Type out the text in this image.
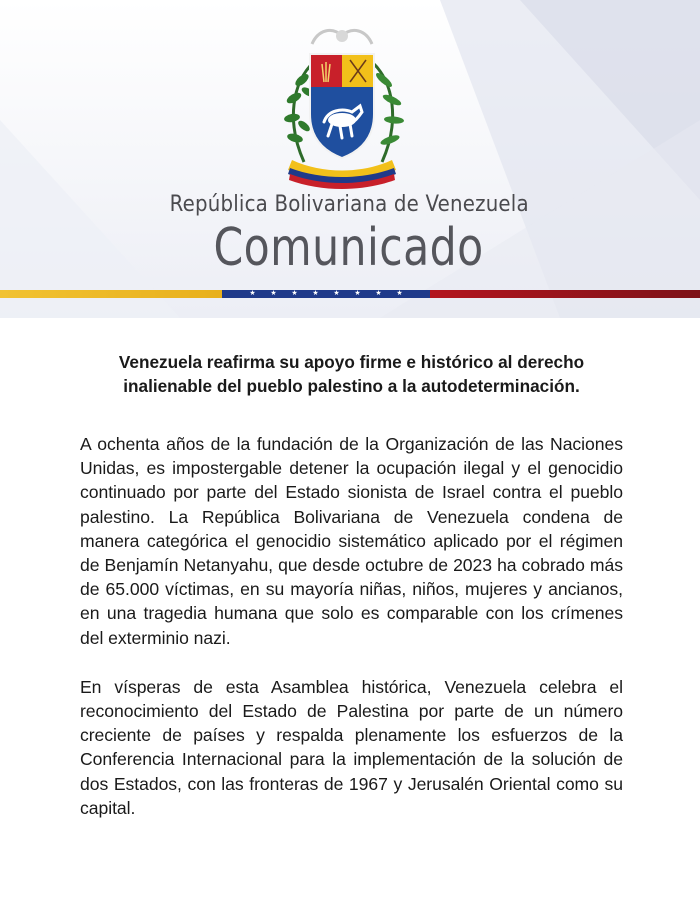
República Bolivariana de Venezuela
Comunicado
★ ★ ★ ★ ★ ★ ★ ★

Venezuela reafirma su apoyo firme e histórico al derecho inalienable del pueblo palestino a la autodeterminación.

A ochenta años de la fundación de la Organización de las Naciones Unidas, es impostergable detener la ocupación ilegal y el genocidio continuado por parte del Estado sionista de Israel contra el pueblo palestino. La República Bolivariana de Venezuela condena de manera categórica el genocidio sistemático aplicado por el régimen de Benjamín Netanyahu, que desde octubre de 2023 ha cobrado más de 65.000 víctimas, en su mayoría niñas, niños, mujeres y ancianos, en una tragedia humana que solo es comparable con los crímenes del exterminio nazi.

En vísperas de esta Asamblea histórica, Venezuela celebra el reconocimiento del Estado de Palestina por parte de un número creciente de países y respalda plenamente los esfuerzos de la Conferencia Internacional para la implementación de la solución de dos Estados, con las fronteras de 1967 y Jerusalén Oriental como su capital.
